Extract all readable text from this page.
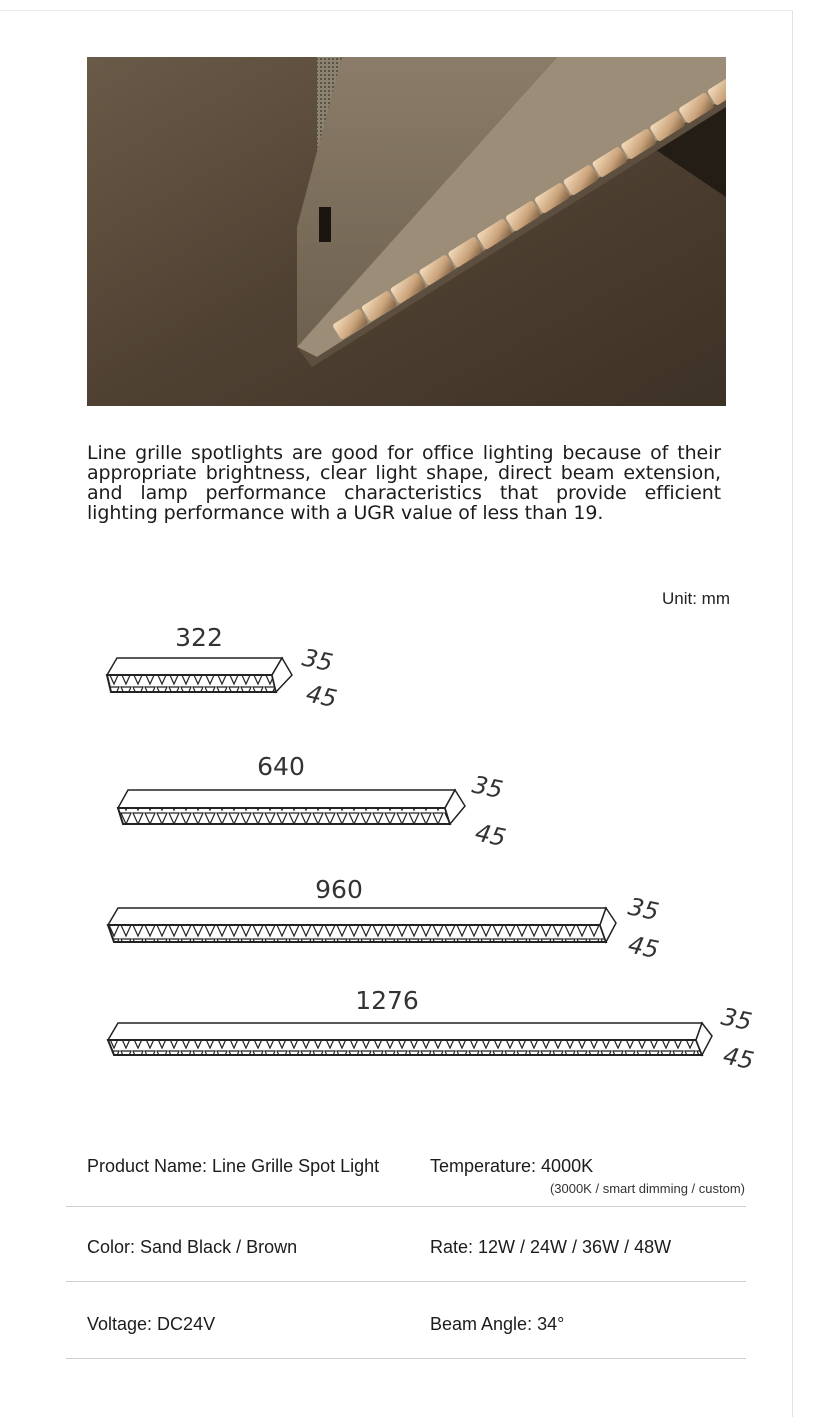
Line grille spotlights are good for office lighting because of their appropriate brightness, clear light shape, direct beam extension, and lamp performance characteristics that provide efficient lighting performance with a UGR value of less than 19.

Unit: mm
322
35
45
640
35
45
960
35
45
1276
35
45
Product Name: Line Grille Spot Light	Temperature: 4000K
(3000K / smart dimming / custom)
Color: Sand Black / Brown	Rate: 12W / 24W / 36W / 48W
Voltage: DC24V	Beam Angle: 34°
